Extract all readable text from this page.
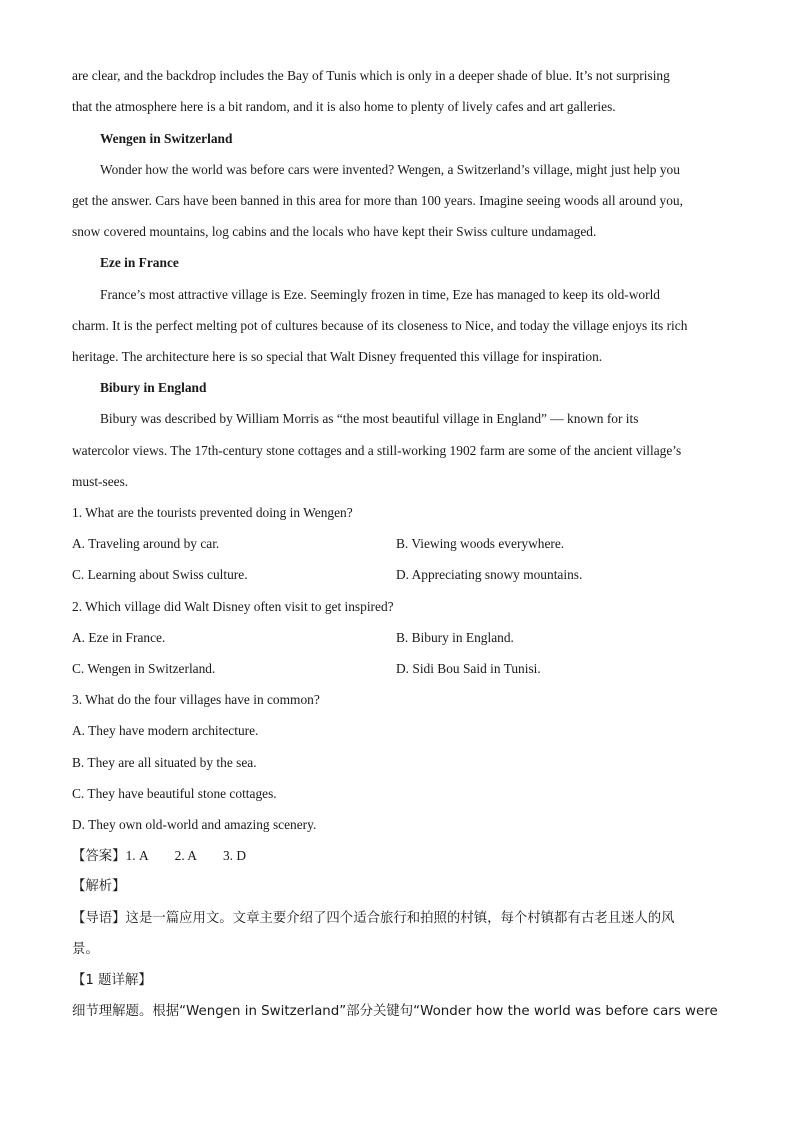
are clear, and the backdrop includes the Bay of Tunis which is only in a deeper shade of blue. It’s not surprising
that the atmosphere here is a bit random, and it is also home to plenty of lively cafes and art galleries.
Wengen in Switzerland
Wonder how the world was before cars were invented? Wengen, a Switzerland’s village, might just help you
get the answer. Cars have been banned in this area for more than 100 years. Imagine seeing woods all around you,
snow covered mountains, log cabins and the locals who have kept their Swiss culture undamaged.
Eze in France
France’s most attractive village is Eze. Seemingly frozen in time, Eze has managed to keep its old-world
charm. It is the perfect melting pot of cultures because of its closeness to Nice, and today the village enjoys its rich
heritage. The architecture here is so special that Walt Disney frequented this village for inspiration.
Bibury in England
Bibury was described by William Morris as “the most beautiful village in England” — known for its
watercolor views. The 17th-century stone cottages and a still-working 1902 farm are some of the ancient village’s
must-sees.
1. What are the tourists prevented doing in Wengen?
A. Traveling around by car.	B. Viewing woods everywhere.
C. Learning about Swiss culture.	D. Appreciating snowy mountains.
2. Which village did Walt Disney often visit to get inspired?
A. Eze in France.	B. Bibury in England.
C. Wengen in Switzerland.	D. Sidi Bou Said in Tunisi.
3. What do the four villages have in common?
A. They have modern architecture.
B. They are all situated by the sea.
C. They have beautiful stone cottages.
D. They own old-world and amazing scenery.
【答案】1. A 2. A 3. D
【解析】
【导语】这是一篇应用文。文章主要介绍了四个适合旅行和拍照的村镇，每个村镇都有古老且迷人的风
景。
【1 题详解】
细节理解题。根据“Wengen in Switzerland”部分关键句“Wonder how the world was before cars were
